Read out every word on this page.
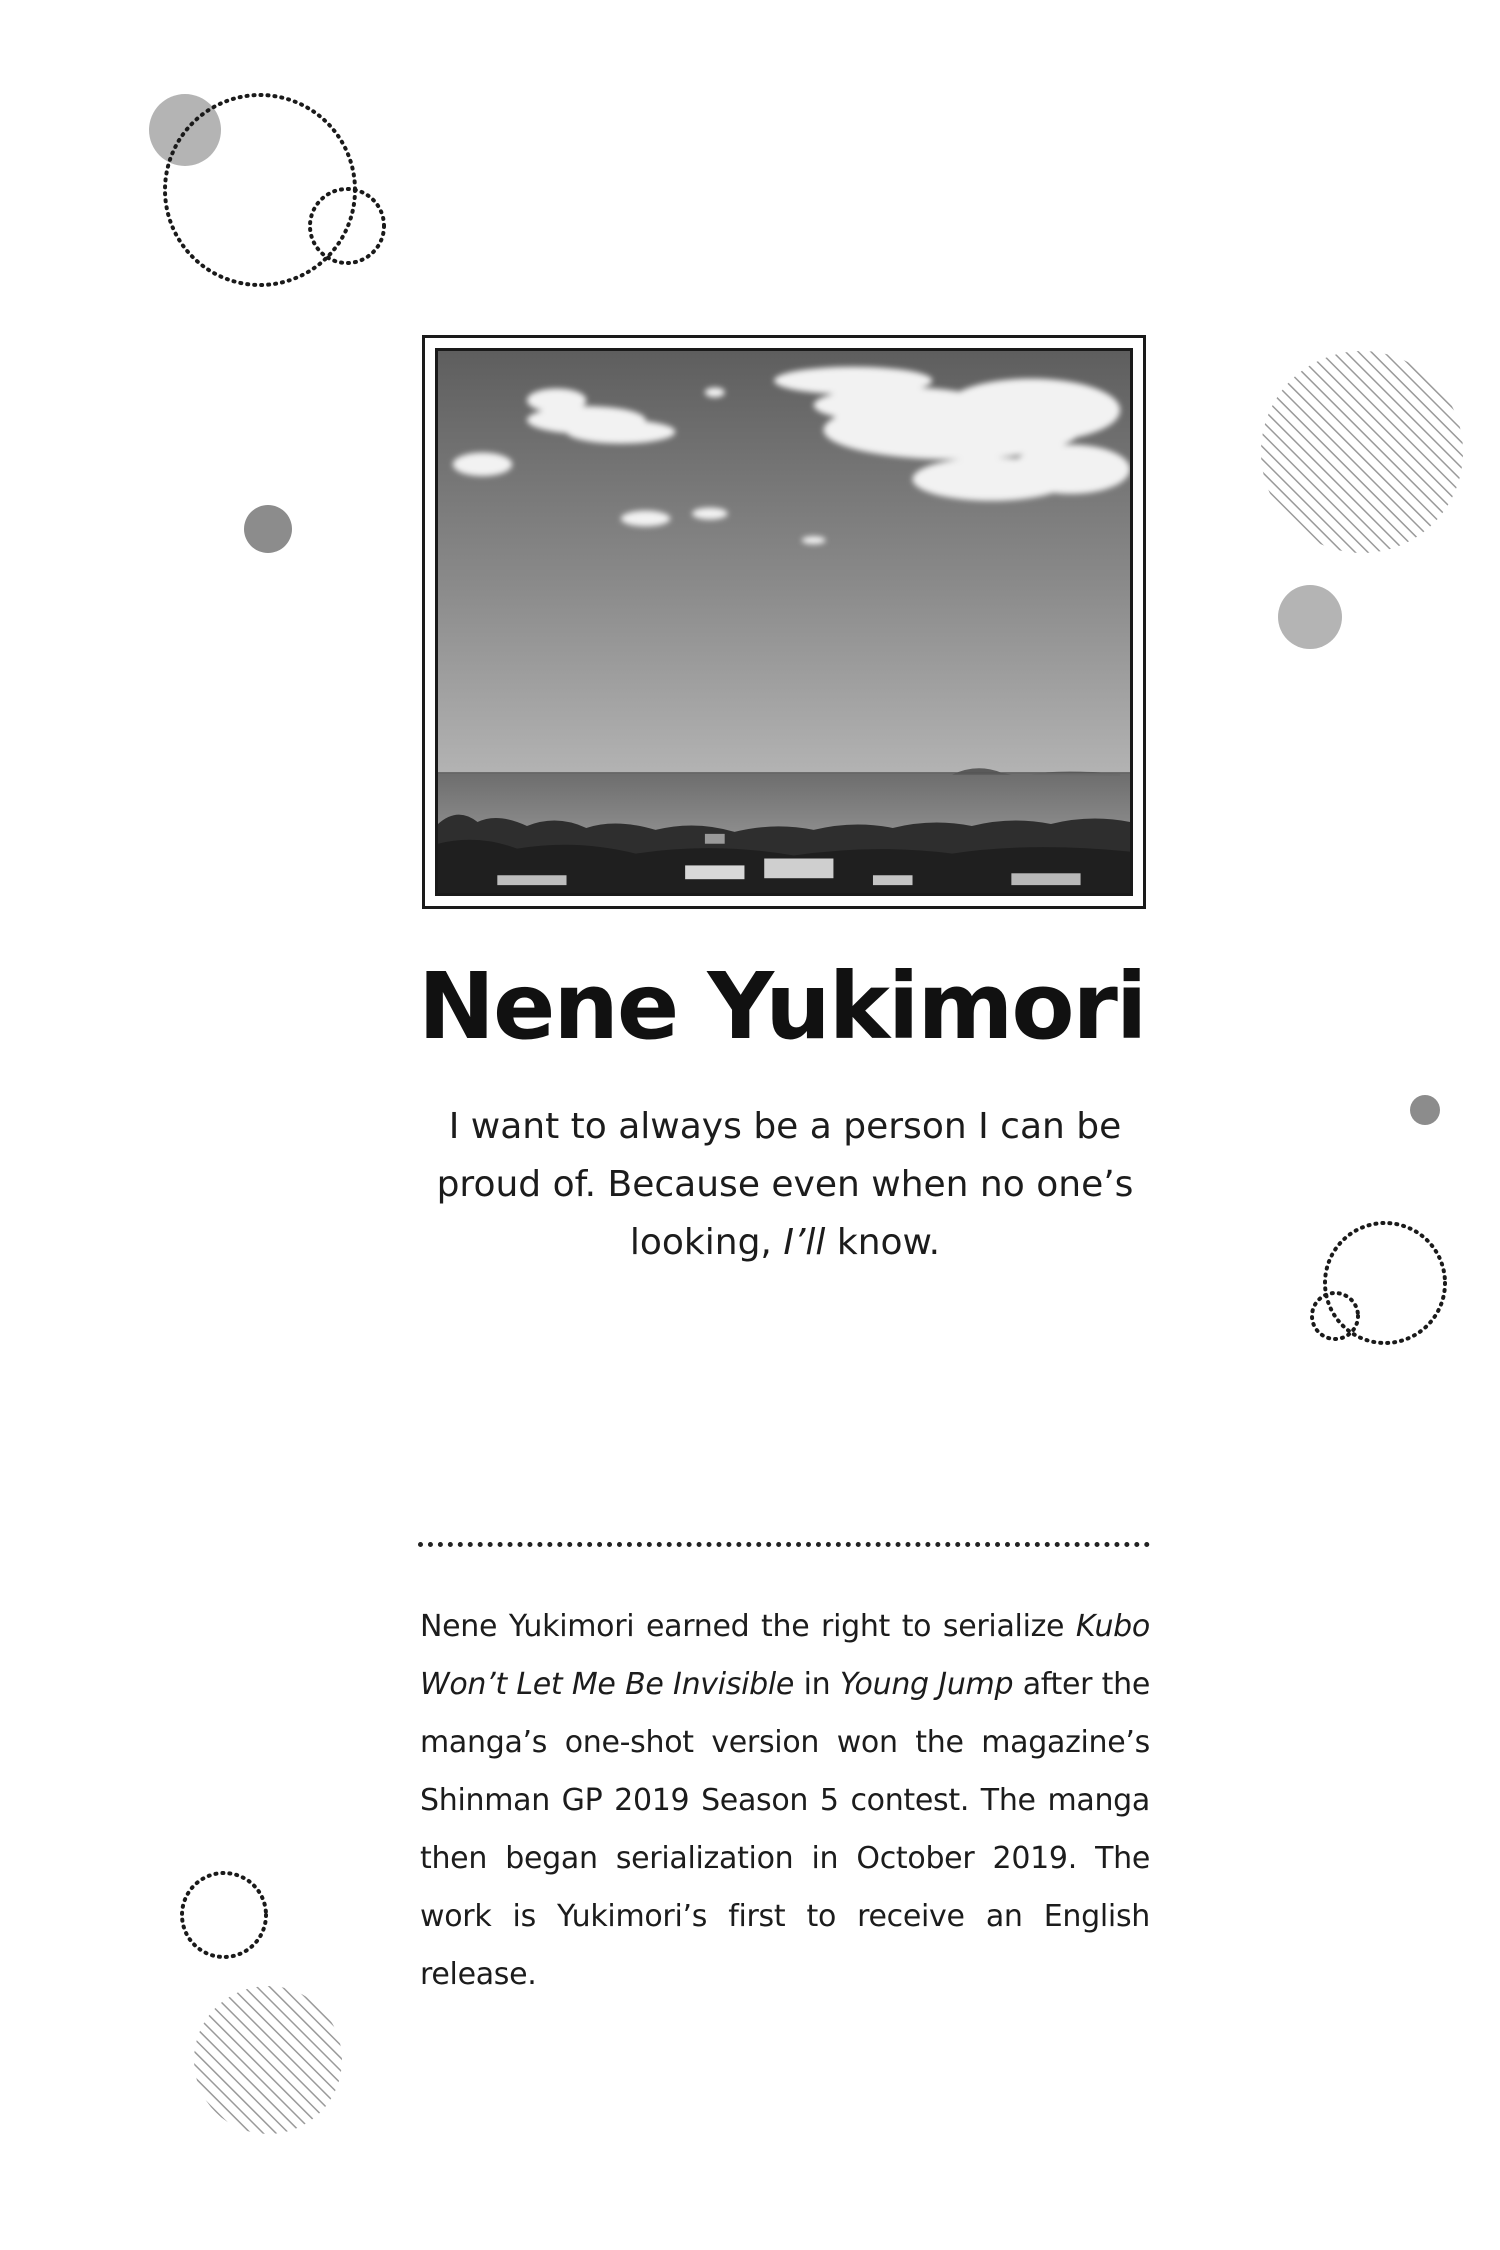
Nene Yukimori

I want to always be a person I can be proud of. Because even when no one’s looking, I’ll know.

Nene Yukimori earned the right to serialize Kubo Won’t Let Me Be Invisible in Young Jump after the manga’s one-shot version won the magazine’s Shinman GP 2019 Season 5 contest. The manga then began serialization in October 2019. The work is Yukimori’s first to receive an English release.
